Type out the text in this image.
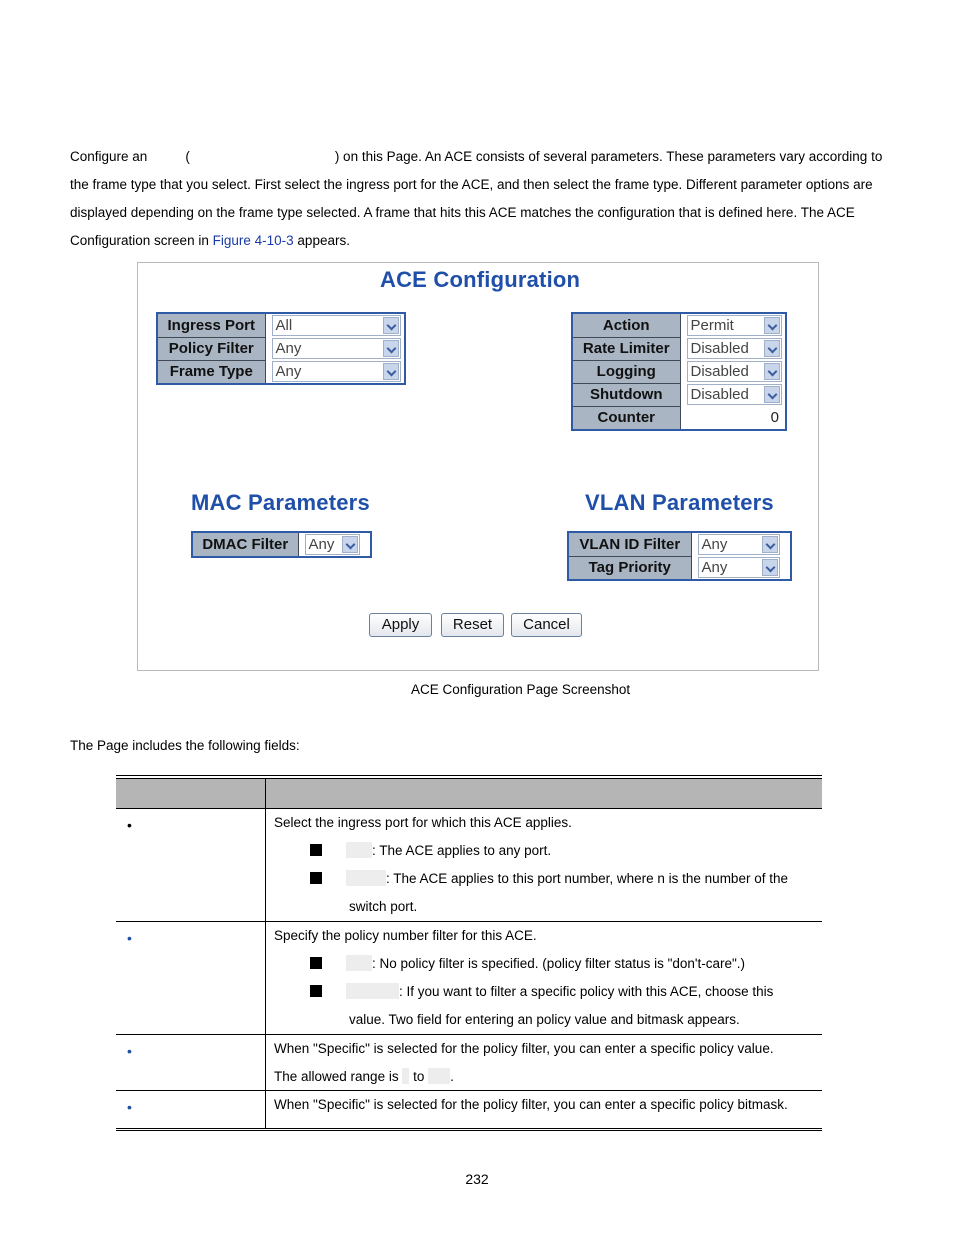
Configure an	(	) on this Page. An ACE consists of several parameters. These parameters vary according to the frame type that you select. First select the ingress port for the ACE, and then select the frame type. Different parameter options are displayed depending on the frame type selected. A frame that hits this ACE matches the configuration that is defined here. The ACE Configuration screen in Figure 4-10-3 appears.
ACE Configuration
Ingress Port	All

Policy Filter	Any

Frame Type	Any
Action	Permit

Rate Limiter	Disabled

Logging	Disabled

Shutdown	Disabled

Counter	0
MAC Parameters
DMAC Filter	Any
VLAN Parameters
VLAN ID Filter	Any

Tag Priority	Any
Apply	Reset	Cancel
ACE Configuration Page Screenshot
The Page includes the following fields:
•	Select the ingress port for which this ACE applies.
: The ACE applies to any port.
: The ACE applies to this port number, where n is the number of the
switch port.
•	Specify the policy number filter for this ACE.
: No policy filter is specified. (policy filter status is "don't-care".)
: If you want to filter a specific policy with this ACE, choose this
value. Two field for entering an policy value and bitmask appears.
•	When "Specific" is selected for the policy filter, you can enter a specific policy value.
The allowed range is to .
•	When "Specific" is selected for the policy filter, you can enter a specific policy bitmask.
232
